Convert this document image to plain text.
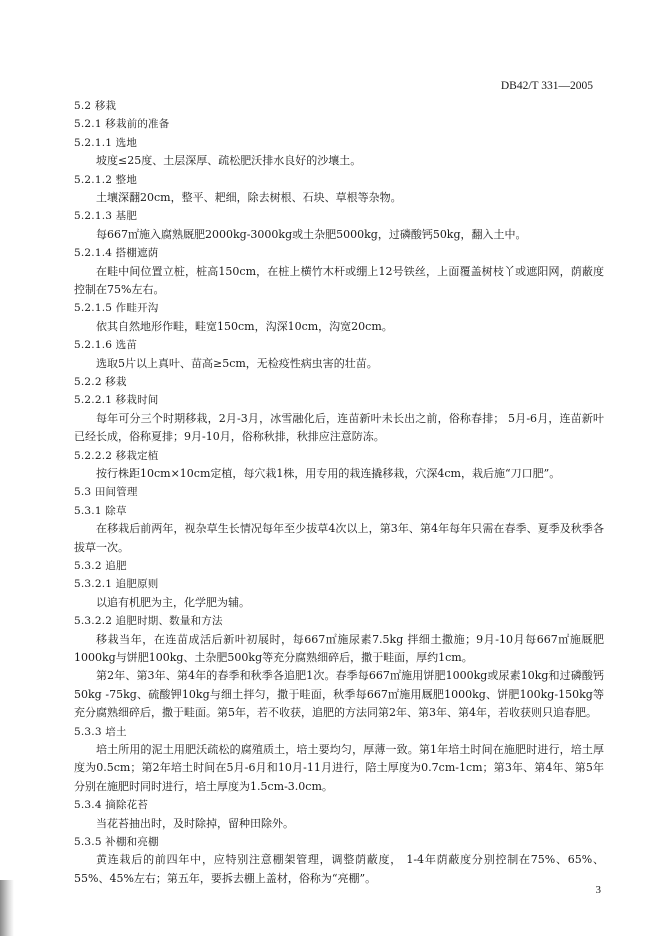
DB42/T 331—2005
5.2 移栽
5.2.1 移栽前的准备
5.2.1.1 选地
坡度≤25度、土层深厚、疏松肥沃排水良好的沙壤土。
5.2.1.2 整地
土壤深翻20cm，整平、耙细，除去树根、石块、草根等杂物。
5.2.1.3 基肥
每667㎡施入腐熟厩肥2000kg-3000kg或土杂肥5000kg，过磷酸钙50kg，翻入土中。
5.2.1.4 搭棚遮荫
在畦中间位置立桩，桩高150cm，在桩上横竹木杆或绷上12号铁丝，上面覆盖树枝丫或遮阳网，荫蔽度控制在75%左右。
5.2.1.5 作畦开沟
依其自然地形作畦，畦宽150cm，沟深10cm，沟宽20cm。
5.2.1.6 选苗
选取5片以上真叶、苗高≥5cm，无检疫性病虫害的壮苗。
5.2.2 移栽
5.2.2.1 移栽时间
每年可分三个时期移栽，2月-3月，冰雪融化后，连苗新叶未长出之前，俗称春排； 5月-6月，连苗新叶已经长成，俗称夏排；9月-10月，俗称秋排，秋排应注意防冻。
5.2.2.2 移栽定植
按行株距10cm×10cm定植，每穴栽1株，用专用的栽连撬移栽，穴深4cm，栽后施“刀口肥”。
5.3 田间管理
5.3.1 除草
在移栽后前两年，视杂草生长情况每年至少拔草4次以上，第3年、第4年每年只需在春季、夏季及秋季各拔草一次。
5.3.2 追肥
5.3.2.1 追肥原则
以追有机肥为主，化学肥为辅。
5.3.2.2 追肥时期、数量和方法
移栽当年，在连苗成活后新叶初展时，每667㎡施尿素7.5kg 拌细土撒施；9月-10月每667㎡施厩肥1000kg与饼肥100kg、土杂肥500kg等充分腐熟细碎后，撒于畦面，厚约1cm。
第2年、第3年、第4年的春季和秋季各追肥1次。春季每667㎡施用饼肥1000kg或尿素10kg和过磷酸钙50kg -75kg、硫酸钾10kg与细土拌匀，撒于畦面，秋季每667㎡施用厩肥1000kg、饼肥100kg-150kg等充分腐熟细碎后，撒于畦面。第5年，若不收获，追肥的方法同第2年、第3年、第4年，若收获则只追春肥。
5.3.3 培土
培土所用的泥土用肥沃疏松的腐殖质土，培土要均匀，厚薄一致。第1年培土时间在施肥时进行，培土厚度为0.5cm；第2年培土时间在5月-6月和10月-11月进行，陪土厚度为0.7cm-1cm；第3年、第4年、第5年分别在施肥时同时进行，培土厚度为1.5cm-3.0cm。
5.3.4 摘除花苔
当花苔抽出时，及时除掉，留种田除外。
5.3.5 补棚和亮棚
黄连栽后的前四年中，应特别注意棚架管理，调整荫蔽度， 1-4年荫蔽度分别控制在75%、65%、55%、45%左右；第五年，要拆去棚上盖材，俗称为“亮棚”。
3
